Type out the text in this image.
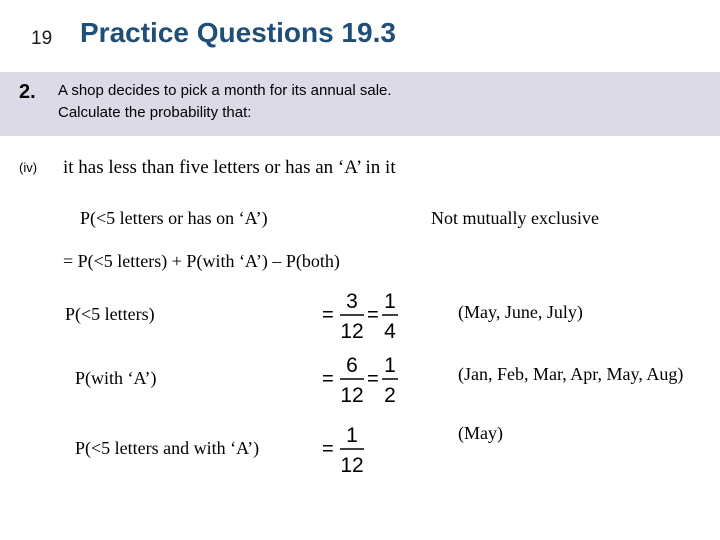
19 Practice Questions 19.3
2. A shop decides to pick a month for its annual sale.
Calculate the probability that:
(iv) it has less than five letters or has an ‘A’ in it
P(<5 letters or has on ‘A’)	Not mutually exclusive
= P(<5 letters) + P(with ‘A’) – P(both)
P(<5 letters)	=
3
12
=
1
4
(May, June, July)
P(with ‘A’)	=
6
12
=
1
2
(Jan, Feb, Mar, Apr, May, Aug)
P(<5 letters and with ‘A’)	=
1
12
(May)
